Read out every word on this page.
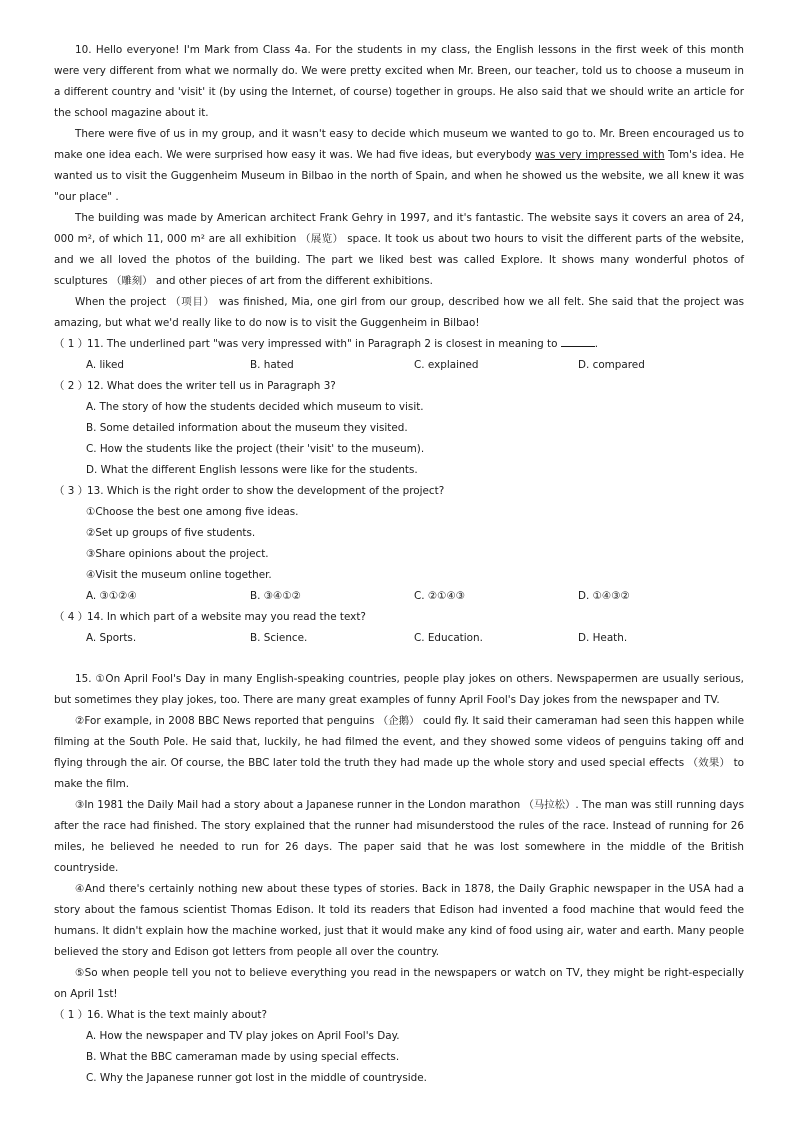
10. Hello everyone! I'm Mark from Class 4a. For the students in my class, the English lessons in the first week of this month were very different from what we normally do. We were pretty excited when Mr. Breen, our teacher, told us to choose a museum in a different country and 'visit' it (by using the Internet, of course) together in groups. He also said that we should write an article for the school magazine about it.

There were five of us in my group, and it wasn't easy to decide which museum we wanted to go to. Mr. Breen encouraged us to make one idea each. We were surprised how easy it was. We had five ideas, but everybody was very impressed with Tom's idea. He wanted us to visit the Guggenheim Museum in Bilbao in the north of Spain, and when he showed us the website, we all knew it was "our place" .

The building was made by American architect Frank Gehry in 1997, and it's fantastic. The website says it covers an area of 24, 000 m², of which 11, 000 m² are all exhibition （展览） space. It took us about two hours to visit the different parts of the website, and we all loved the photos of the building. The part we liked best was called Explore. It shows many wonderful photos of sculptures （雕刻） and other pieces of art from the different exhibitions.

When the project （项目） was finished, Mia, one girl from our group, described how we all felt. She said that the project was amazing, but what we'd really like to do now is to visit the Guggenheim in Bilbao!

（ 1 ）11. The underlined part "was very impressed with" in Paragraph 2 is closest in meaning to	.
A. liked	B. hated	C. explained	D. compared
（ 2 ）12. What does the writer tell us in Paragraph 3?
A. The story of how the students decided which museum to visit.
B. Some detailed information about the museum they visited.
C. How the students like the project (their 'visit' to the museum).
D. What the different English lessons were like for the students.
（ 3 ）13. Which is the right order to show the development of the project?
①Choose the best one among five ideas.
②Set up groups of five students.
③Share opinions about the project.
④Visit the museum online together.
A. ③①②④	B. ③④①②	C. ②①④③	D. ①④③②
（ 4 ）14. In which part of a website may you read the text?
A. Sports.	B. Science.	C. Education.	D. Heath.

15. ①On April Fool's Day in many English-speaking countries, people play jokes on others. Newspapermen are usually serious, but sometimes they play jokes, too. There are many great examples of funny April Fool's Day jokes from the newspaper and TV.

②For example, in 2008 BBC News reported that penguins （企鹅） could fly. It said their cameraman had seen this happen while filming at the South Pole. He said that, luckily, he had filmed the event, and they showed some videos of penguins taking off and flying through the air. Of course, the BBC later told the truth they had made up the whole story and used special effects （效果） to make the film.

③In 1981 the Daily Mail had a story about a Japanese runner in the London marathon （马拉松）. The man was still running days after the race had finished. The story explained that the runner had misunderstood the rules of the race. Instead of running for 26 miles, he believed he needed to run for 26 days. The paper said that he was lost somewhere in the middle of the British countryside.

④And there's certainly nothing new about these types of stories. Back in 1878, the Daily Graphic newspaper in the USA had a story about the famous scientist Thomas Edison. It told its readers that Edison had invented a food machine that would feed the humans. It didn't explain how the machine worked, just that it would make any kind of food using air, water and earth. Many people believed the story and Edison got letters from people all over the country.

⑤So when people tell you not to believe everything you read in the newspapers or watch on TV, they might be right-especially on April 1st!

（ 1 ）16. What is the text mainly about?
A. How the newspaper and TV play jokes on April Fool's Day.
B. What the BBC cameraman made by using special effects.
C. Why the Japanese runner got lost in the middle of countryside.
